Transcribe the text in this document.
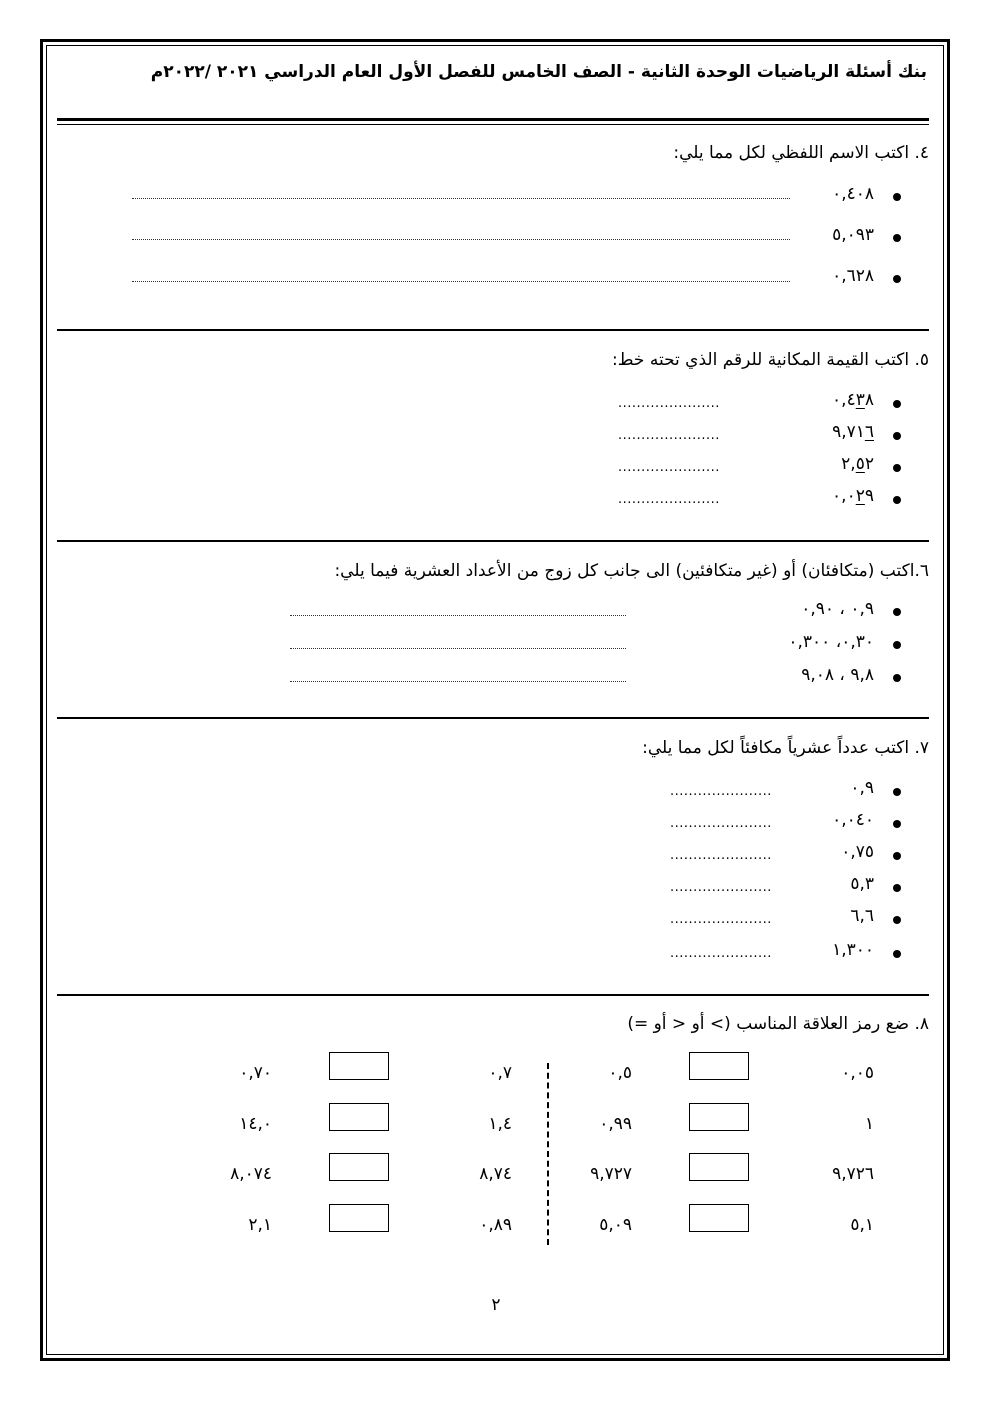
بنك أسئلة الرياضيات الوحدة الثانية - الصف الخامس للفصل الأول العام الدراسي ٢٠٢١ /٢٠٢٢م
٤. اكتب الاسم اللفظي لكل مما يلي:
٠,٤٠٨
٥,٠٩٣
٠,٦٢٨
٥. اكتب القيمة المكانية للرقم الذي تحته خط:
٠,٤٣٨
......................
٩,٧١٦
......................
٢,٥٢
......................
٠,٠٢٩
......................
٦.اكتب (متكافئان) أو (غير متكافئين) الى جانب كل زوج من الأعداد العشرية فيما يلي:
٠,٩ ، ٠,٩٠
٠,٣٠، ٠,٣٠٠
٩,٨ ، ٩,٠٨
٧. اكتب عدداً عشرياً مكافئاً لكل مما يلي:
٠,٩
......................
٠,٠٤٠
......................
٠,٧٥
......................
٥,٣
......................
٦,٦
......................
١,٣٠٠
......................
٨. ضع رمز العلاقة المناسب (> أو < أو =)
٠,٠٥
٠,٥
١
٠,٩٩
٩,٧٢٦
٩,٧٢٧
٥,١
٥,٠٩
٠,٧
٠,٧٠
١,٤
١٤,٠
٨,٧٤
٨,٠٧٤
٠,٨٩
٢,١
٢
